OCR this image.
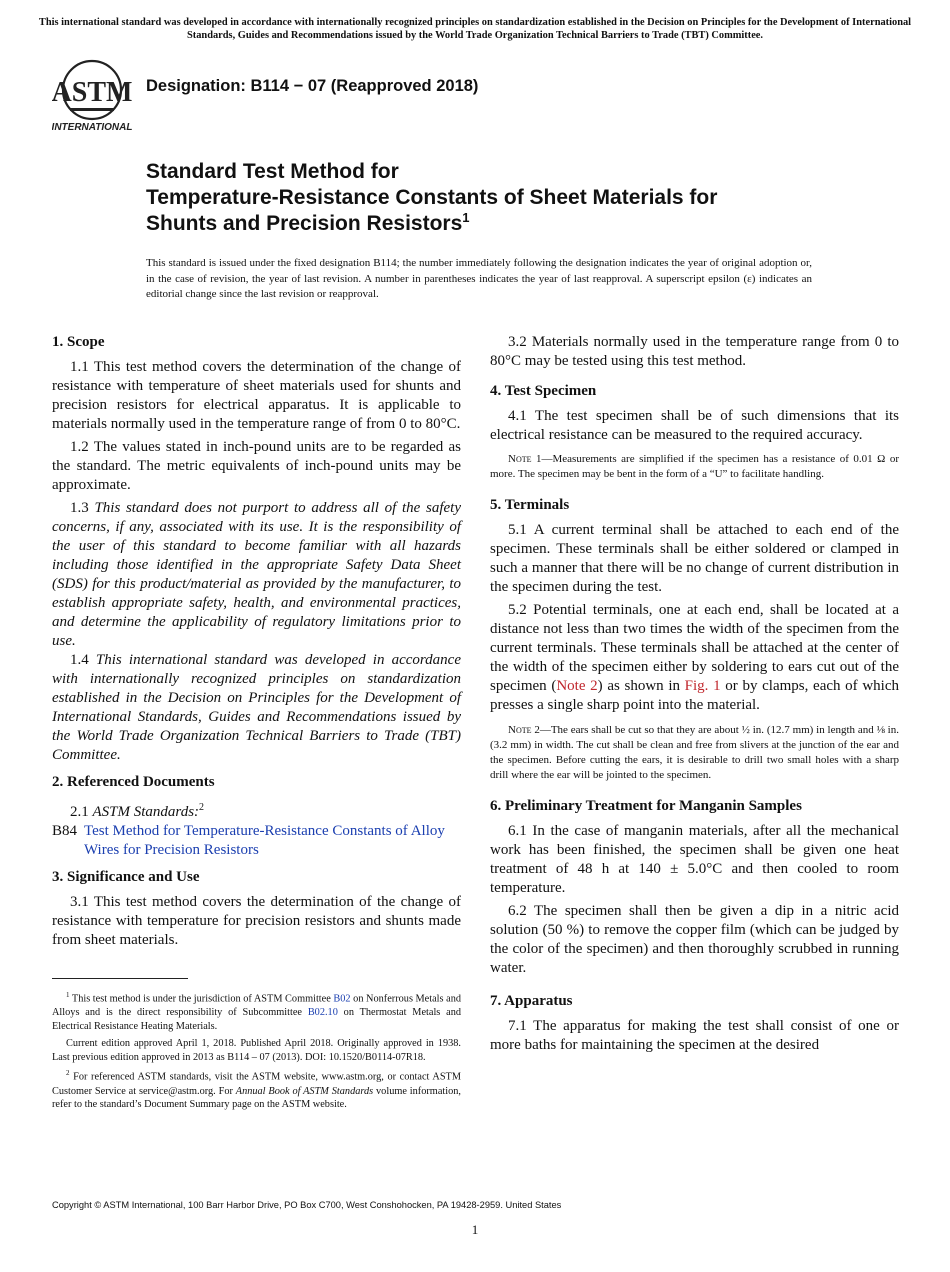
This international standard was developed in accordance with internationally recognized principles on standardization established in the Decision on Principles for the Development of International Standards, Guides and Recommendations issued by the World Trade Organization Technical Barriers to Trade (TBT) Committee.
ASTM
INTERNATIONAL
Designation: B114 − 07 (Reapproved 2018)
Standard Test Method for
Temperature-Resistance Constants of Sheet Materials for
Shunts and Precision Resistors$^1$
This standard is issued under the fixed designation B114; the number immediately following the designation indicates the year of original adoption or, in the case of revision, the year of last revision. A number in parentheses indicates the year of last reapproval. A superscript epsilon (ε) indicates an editorial change since the last revision or reapproval.

1. Scope

1.1 This test method covers the determination of the change of resistance with temperature of sheet materials used for shunts and precision resistors for electrical apparatus. It is applicable to materials normally used in the temperature range of from 0 to 80°C.

1.2 The values stated in inch-pound units are to be regarded as the standard. The metric equivalents of inch-pound units may be approximate.

1.3 This standard does not purport to address all of the safety concerns, if any, associated with its use. It is the responsibility of the user of this standard to become familiar with all hazards including those identified in the appropriate Safety Data Sheet (SDS) for this product/material as provided by the manufacturer, to establish appropriate safety, health, and environmental practices, and determine the applicability of regulatory limitations prior to use.

1.4 This international standard was developed in accordance with internationally recognized principles on standardization established in the Decision on Principles for the Development of International Standards, Guides and Recommendations issued by the World Trade Organization Technical Barriers to Trade (TBT) Committee.

2. Referenced Documents

2.1 ASTM Standards:$^2$

B84 Test Method for Temperature-Resistance Constants of Alloy Wires for Precision Resistors

3. Significance and Use

3.1 This test method covers the determination of the change of resistance with temperature for precision resistors and shunts made from sheet materials.

$^1$ This test method is under the jurisdiction of ASTM Committee B02 on Nonferrous Metals and Alloys and is the direct responsibility of Subcommittee B02.10 on Thermostat Metals and Electrical Resistance Heating Materials.

Current edition approved April 1, 2018. Published April 2018. Originally approved in 1938. Last previous edition approved in 2013 as B114 – 07 (2013). DOI: 10.1520/B0114-07R18.

$^2$ For referenced ASTM standards, visit the ASTM website, www.astm.org, or contact ASTM Customer Service at service@astm.org. For Annual Book of ASTM Standards volume information, refer to the standard’s Document Summary page on the ASTM website.

3.2 Materials normally used in the temperature range from 0 to 80°C may be tested using this test method.

4. Test Specimen

4.1 The test specimen shall be of such dimensions that its electrical resistance can be measured to the required accuracy.

Note 1—Measurements are simplified if the specimen has a resistance of 0.01 Ω or more. The specimen may be bent in the form of a “U” to facilitate handling.

5. Terminals

5.1 A current terminal shall be attached to each end of the specimen. These terminals shall be either soldered or clamped in such a manner that there will be no change of current distribution in the specimen during the test.

5.2 Potential terminals, one at each end, shall be located at a distance not less than two times the width of the specimen from the current terminals. These terminals shall be attached at the center of the width of the specimen either by soldering to ears cut out of the specimen (Note 2) as shown in Fig. 1 or by clamps, each of which presses a single sharp point into the material.

Note 2—The ears shall be cut so that they are about ½ in. (12.7 mm) in length and ⅛ in. (3.2 mm) in width. The cut shall be clean and free from slivers at the junction of the ear and the specimen. Before cutting the ears, it is desirable to drill two small holes with a sharp drill where the ear will be jointed to the specimen.

6. Preliminary Treatment for Manganin Samples

6.1 In the case of manganin materials, after all the mechanical work has been finished, the specimen shall be given one heat treatment of 48 h at 140 ± 5.0°C and then cooled to room temperature.

6.2 The specimen shall then be given a dip in a nitric acid solution (50 %) to remove the copper film (which can be judged by the color of the specimen) and then thoroughly scrubbed in running water.

7. Apparatus

7.1 The apparatus for making the test shall consist of one or more baths for maintaining the specimen at the desired

Copyright © ASTM International, 100 Barr Harbor Drive, PO Box C700, West Conshohocken, PA 19428-2959. United States
1
